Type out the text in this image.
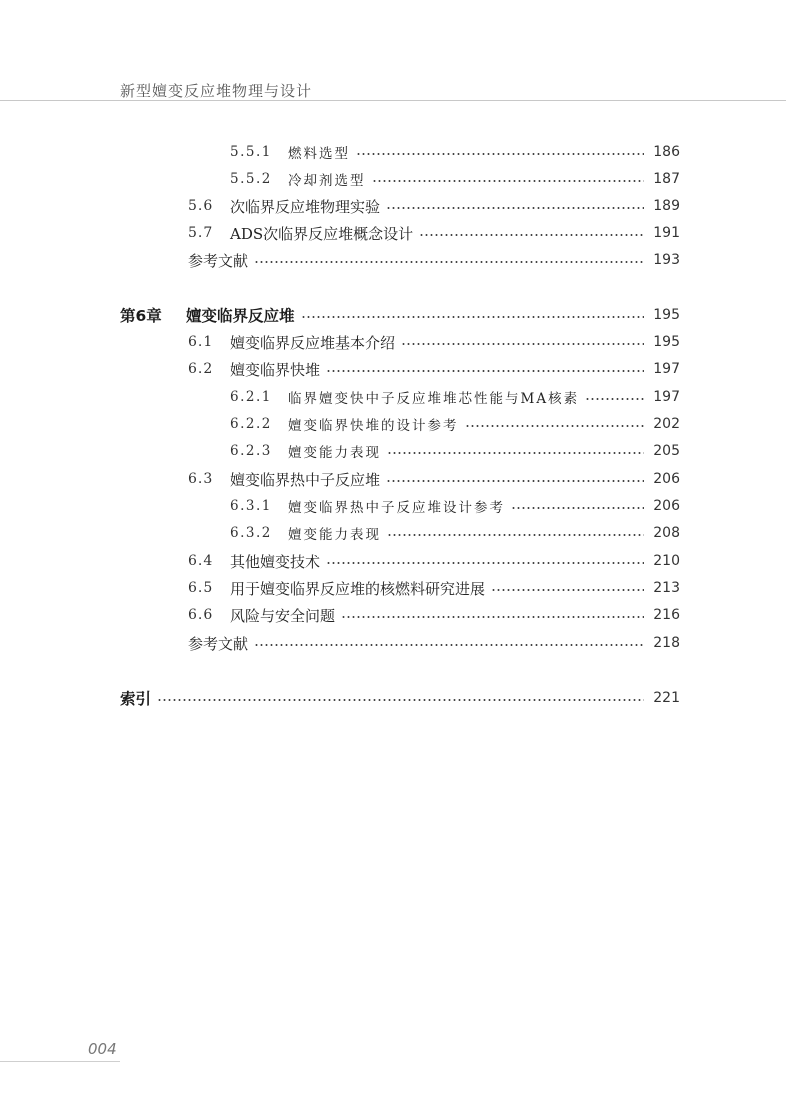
新型嬗变反应堆物理与设计
5.5.1	燃料选型	186
5.5.2	冷却剂选型	187
5.6	次临界反应堆物理实验	189
5.7	ADS次临界反应堆概念设计	191
参考文献	193
第6章	嬗变临界反应堆	195
6.1	嬗变临界反应堆基本介绍	195
6.2	嬗变临界快堆	197
6.2.1	临界嬗变快中子反应堆堆芯性能与MA核素	197
6.2.2	嬗变临界快堆的设计参考	202
6.2.3	嬗变能力表现	205
6.3	嬗变临界热中子反应堆	206
6.3.1	嬗变临界热中子反应堆设计参考	206
6.3.2	嬗变能力表现	208
6.4	其他嬗变技术	210
6.5	用于嬗变临界反应堆的核燃料研究进展	213
6.6	风险与安全问题	216
参考文献	218
索引	221
004
